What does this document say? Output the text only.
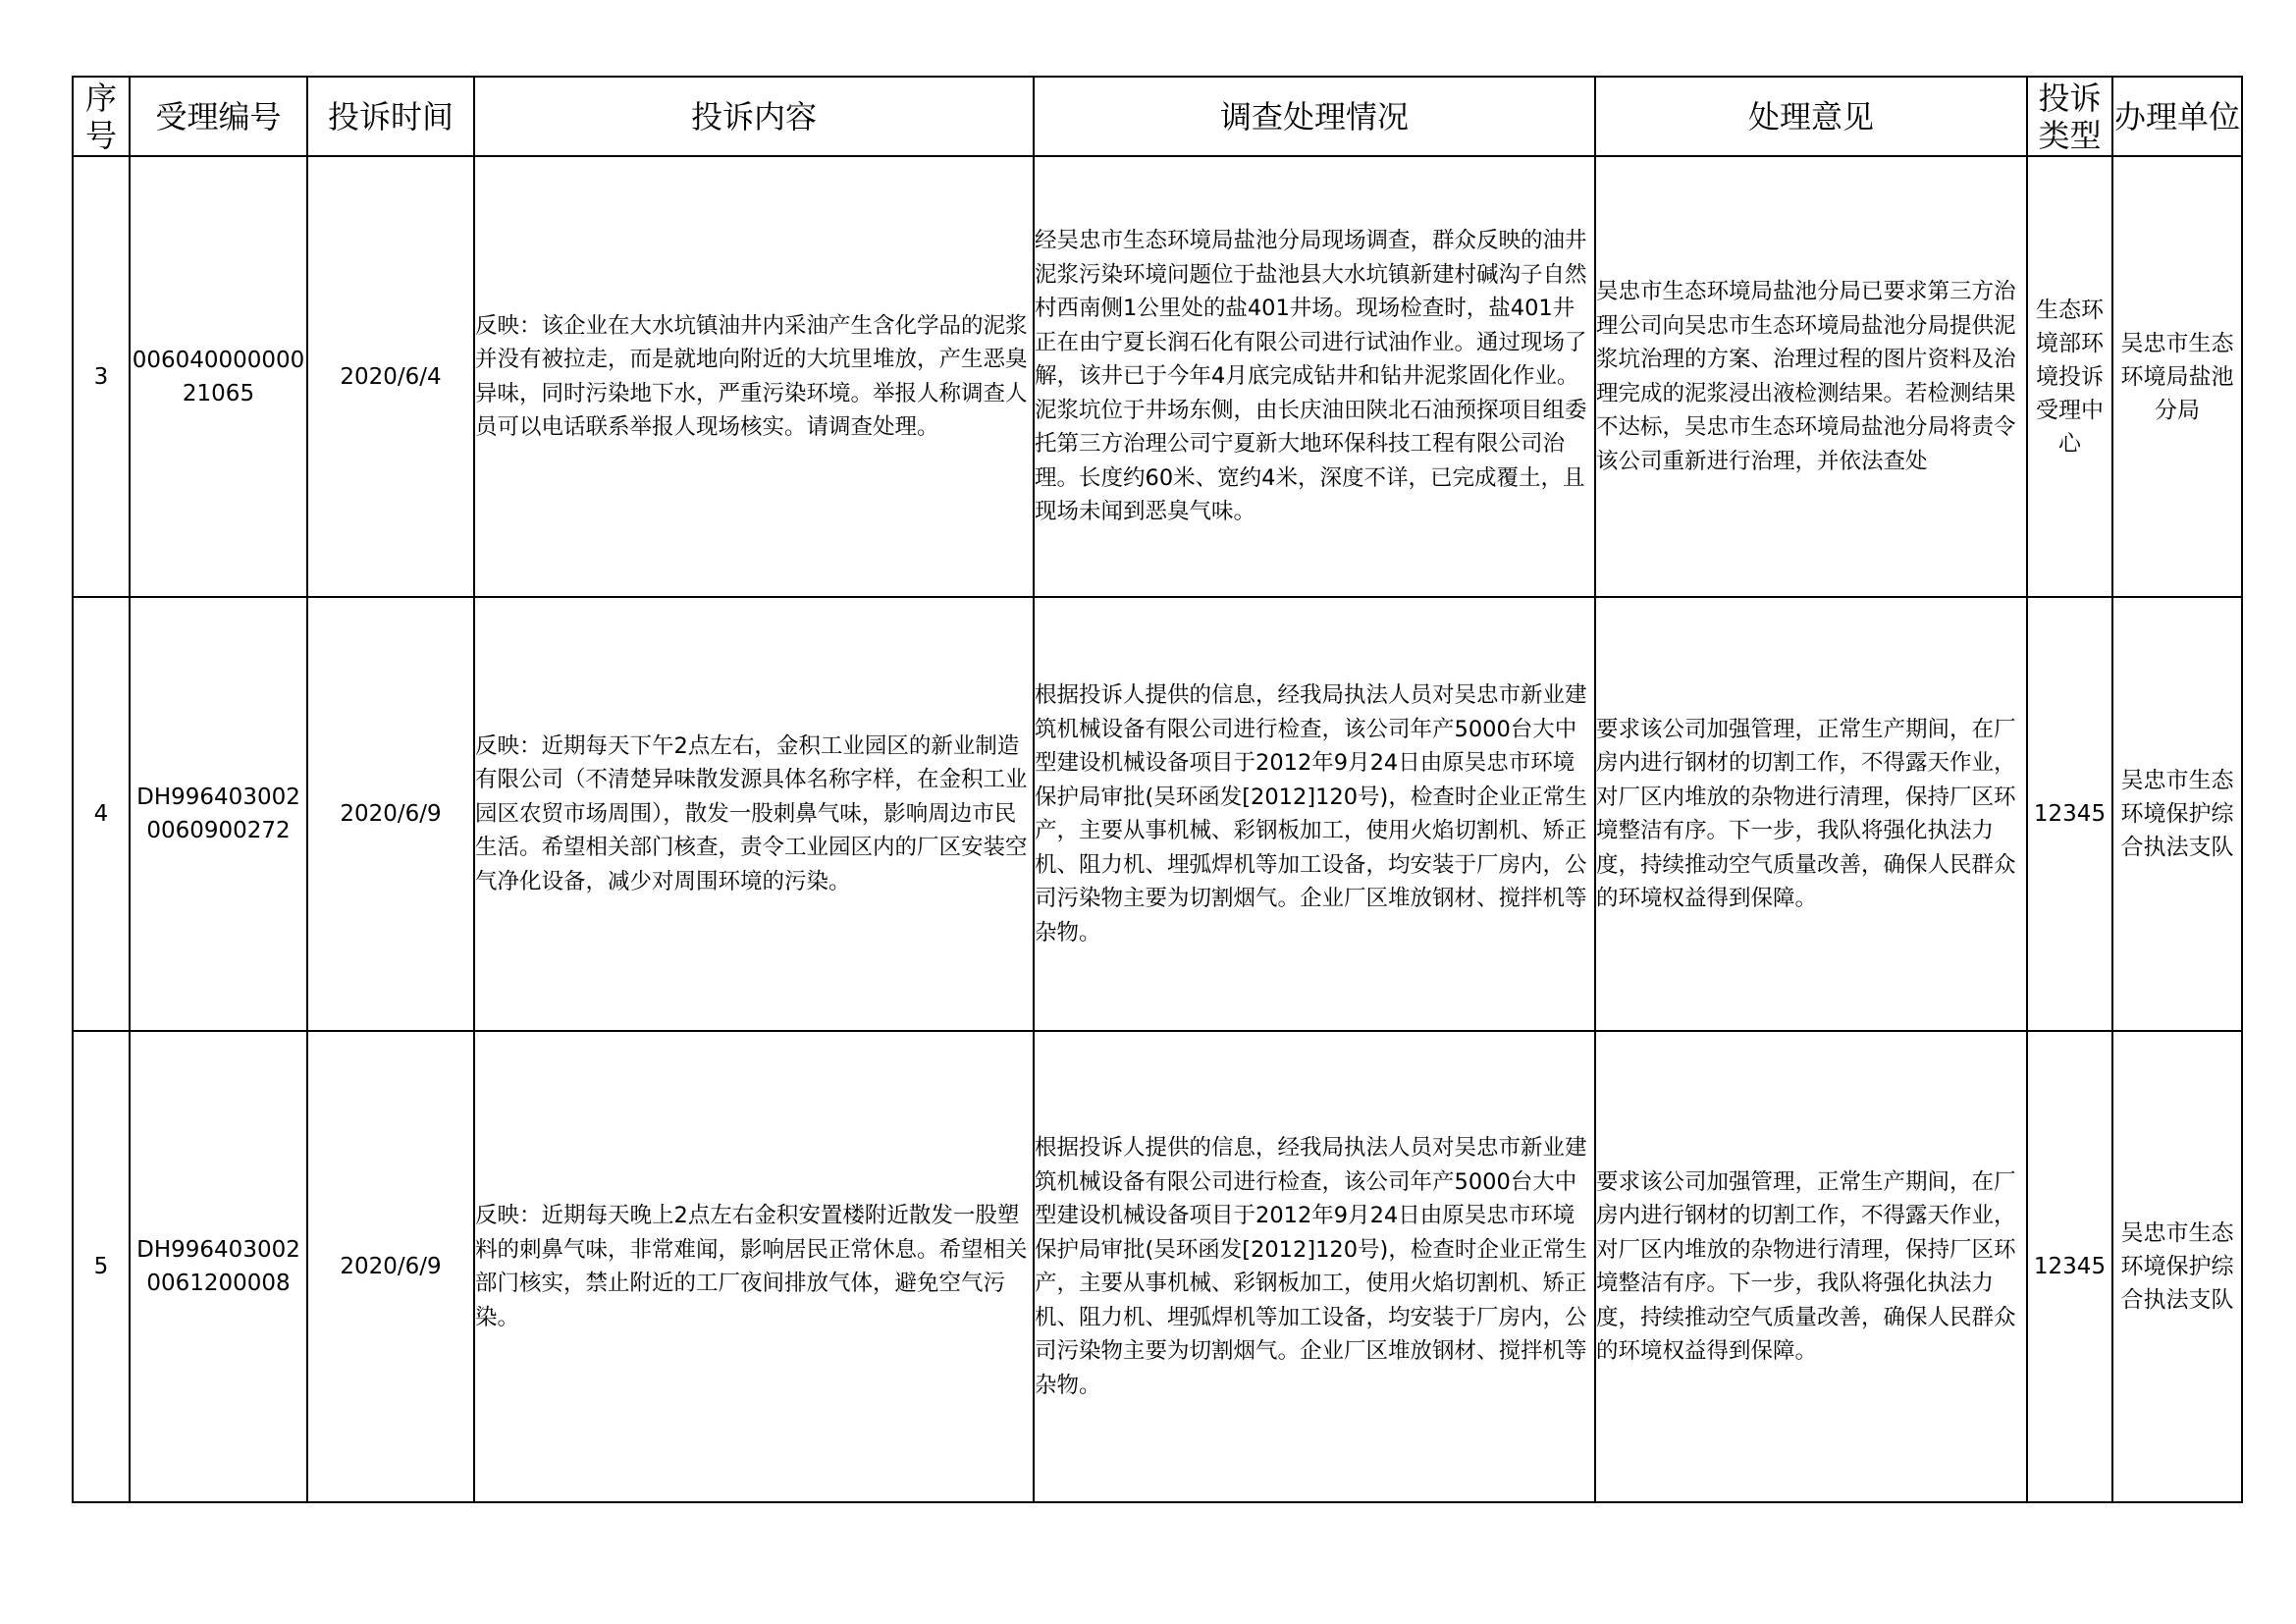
序号	受理编号	投诉时间	投诉内容	调查处理情况	处理意见	投诉类型	办理单位
3	00604000000021065	2020/6/4	反映：该企业在大水坑镇油井内采油产生含化学品的泥浆并没有被拉走，而是就地向附近的大坑里堆放，产生恶臭异味，同时污染地下水，严重污染环境。举报人称调查人员可以电话联系举报人现场核实。请调查处理。	经吴忠市生态环境局盐池分局现场调查，群众反映的油井泥浆污染环境问题位于盐池县大水坑镇新建村碱沟子自然村西南侧1公里处的盐401井场。现场检查时，盐401井正在由宁夏长润石化有限公司进行试油作业。通过现场了解，该井已于今年4月底完成钻井和钻井泥浆固化作业。泥浆坑位于井场东侧，由长庆油田陕北石油预探项目组委托第三方治理公司宁夏新大地环保科技工程有限公司治理。长度约60米、宽约4米，深度不详，已完成覆土，且现场未闻到恶臭气味。	吴忠市生态环境局盐池分局已要求第三方治理公司向吴忠市生态环境局盐池分局提供泥浆坑治理的方案、治理过程的图片资料及治理完成的泥浆浸出液检测结果。若检测结果不达标，吴忠市生态环境局盐池分局将责令该公司重新进行治理，并依法查处	生态环境部环境投诉受理中心	吴忠市生态环境局盐池分局
4	DH9964030020060900272	2020/6/9	反映：近期每天下午2点左右，金积工业园区的新业制造有限公司（不清楚异味散发源具体名称字样，在金积工业园区农贸市场周围），散发一股刺鼻气味，影响周边市民生活。希望相关部门核查，责令工业园区内的厂区安装空气净化设备，减少对周围环境的污染。	根据投诉人提供的信息，经我局执法人员对吴忠市新业建筑机械设备有限公司进行检查，该公司年产5000台大中型建设机械设备项目于2012年9月24日由原吴忠市环境保护局审批(吴环函发[2012]120号)，检查时企业正常生产，主要从事机械、彩钢板加工，使用火焰切割机、矫正机、阻力机、埋弧焊机等加工设备，均安装于厂房内，公司污染物主要为切割烟气。企业厂区堆放钢材、搅拌机等杂物。	要求该公司加强管理，正常生产期间，在厂房内进行钢材的切割工作，不得露天作业，对厂区内堆放的杂物进行清理，保持厂区环境整洁有序。下一步，我队将强化执法力度，持续推动空气质量改善，确保人民群众的环境权益得到保障。	12345	吴忠市生态环境保护综合执法支队
5	DH9964030020061200008	2020/6/9	反映：近期每天晚上2点左右金积安置楼附近散发一股塑料的刺鼻气味，非常难闻，影响居民正常休息。希望相关部门核实，禁止附近的工厂夜间排放气体，避免空气污染。	根据投诉人提供的信息，经我局执法人员对吴忠市新业建筑机械设备有限公司进行检查，该公司年产5000台大中型建设机械设备项目于2012年9月24日由原吴忠市环境保护局审批(吴环函发[2012]120号)，检查时企业正常生产，主要从事机械、彩钢板加工，使用火焰切割机、矫正机、阻力机、埋弧焊机等加工设备，均安装于厂房内，公司污染物主要为切割烟气。企业厂区堆放钢材、搅拌机等杂物。	要求该公司加强管理，正常生产期间，在厂房内进行钢材的切割工作，不得露天作业，对厂区内堆放的杂物进行清理，保持厂区环境整洁有序。下一步，我队将强化执法力度，持续推动空气质量改善，确保人民群众的环境权益得到保障。	12345	吴忠市生态环境保护综合执法支队
